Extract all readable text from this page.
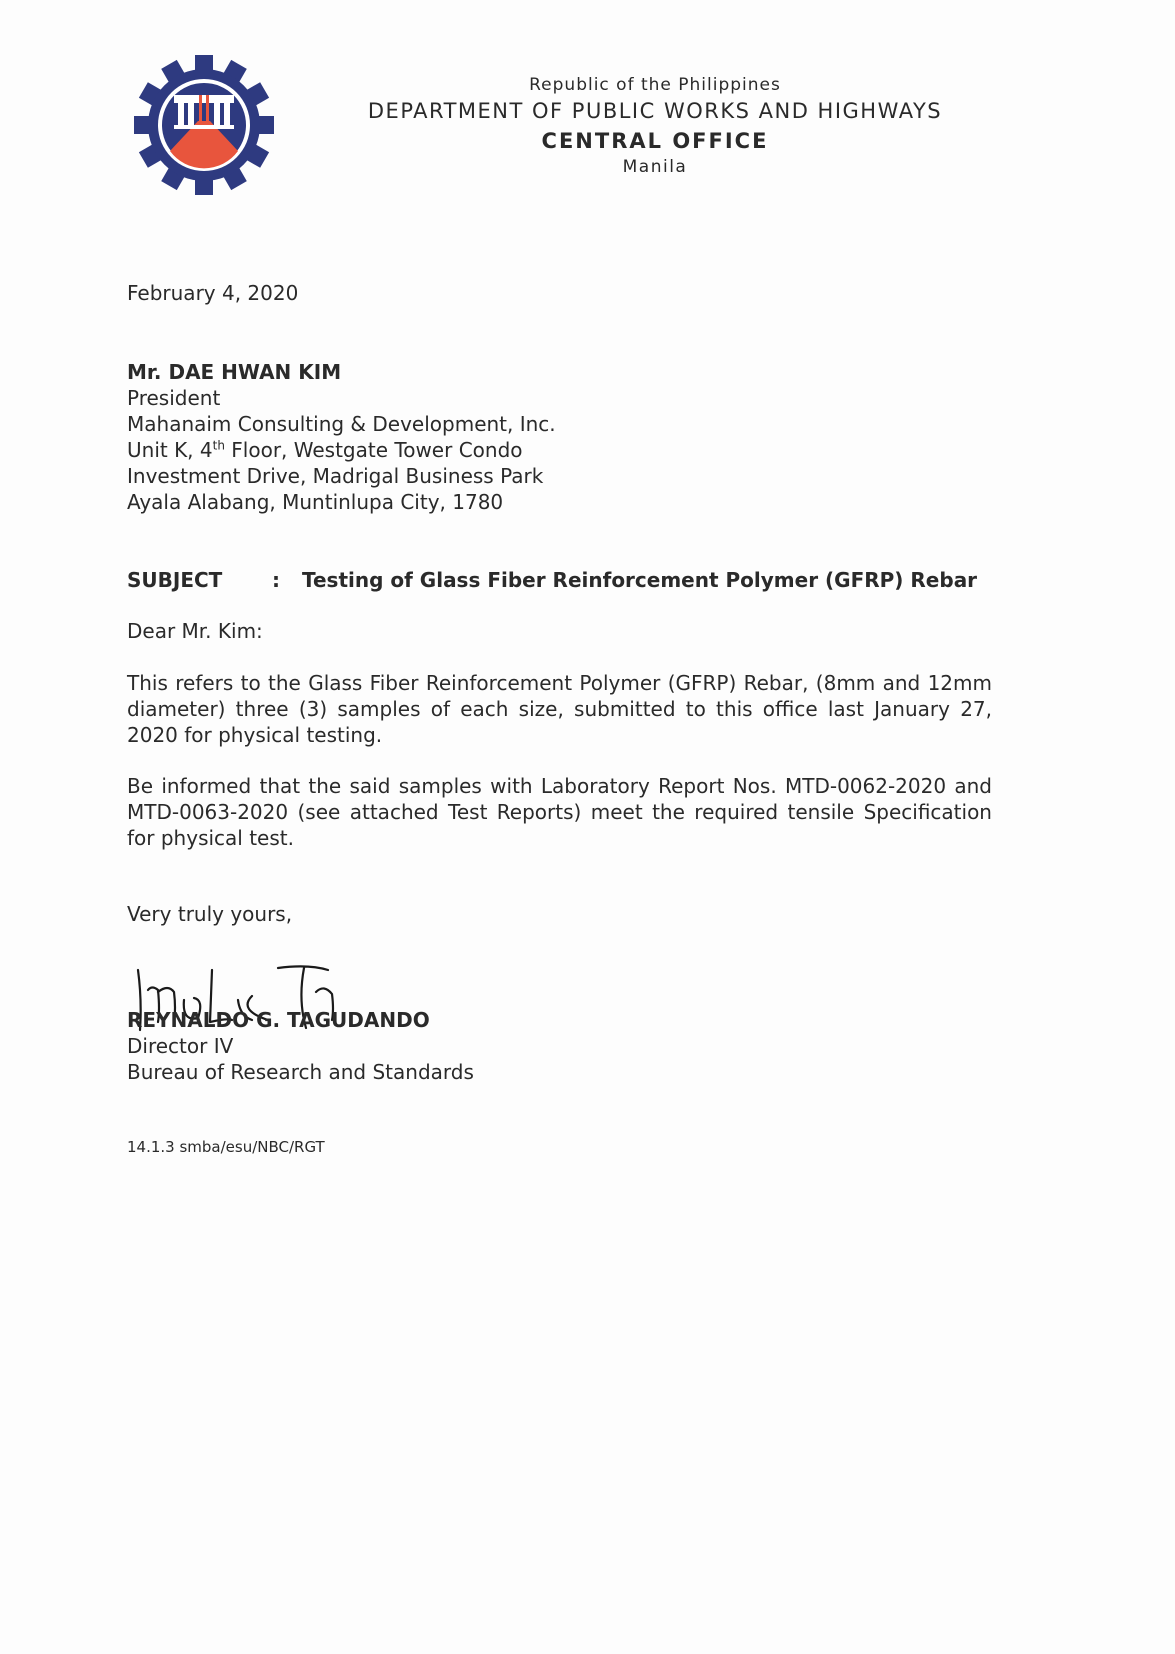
Republic of the Philippines
DEPARTMENT OF PUBLIC WORKS AND HIGHWAYS
CENTRAL OFFICE
Manila
February 4, 2020
Mr. DAE HWAN KIM
President
Mahanaim Consulting & Development, Inc.
Unit K, 4th Floor, Westgate Tower Condo
Investment Drive, Madrigal Business Park
Ayala Alabang, Muntinlupa City, 1780
SUBJECT : Testing of Glass Fiber Reinforcement Polymer (GFRP) Rebar
Dear Mr. Kim:
This refers to the Glass Fiber Reinforcement Polymer (GFRP) Rebar, (8mm and 12mm diameter) three (3) samples of each size, submitted to this office last January 27, 2020 for physical testing.
Be informed that the said samples with Laboratory Report Nos. MTD-0062-2020 and MTD-0063-2020 (see attached Test Reports) meet the required tensile Specification for physical test.
Very truly yours,
REYNALDO G. TAGUDANDO
Director IV
Bureau of Research and Standards
14.1.3 smba/esu/NBC/RGT
